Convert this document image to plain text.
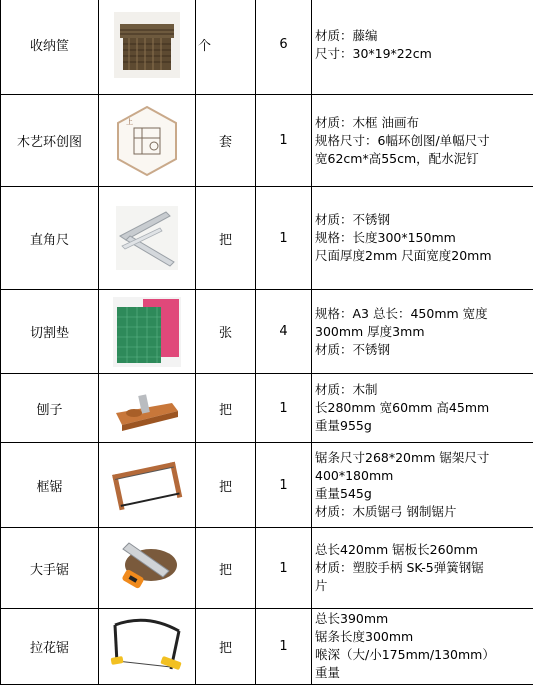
收纳筐		个	6	材质：藤编
尺寸：30*19*22cm

木艺环创图	上	套	1	材质：木框 油画布
规格尺寸：6幅环创图/单幅尺寸
宽62cm*高55cm，配水泥钉

直角尺		把	1	材质：不锈钢
规格：长度300*150mm
尺面厚度2mm 尺面宽度20mm

切割垫		张	4	规格：A3 总长：450mm 宽度
300mm 厚度3mm
材质：不锈钢

刨子		把	1	材质：木制
长280mm 宽60mm 高45mm
重量955g

框锯		把	1	锯条尺寸268*20mm 锯架尺寸
400*180mm
重量545g
材质：木质锯弓 钢制锯片

大手锯		把	1	总长420mm 锯板长260mm
材质：塑胶手柄 SK-5弹簧钢锯
片

拉花锯		把	1	总长390mm
锯条长度300mm
喉深（大/小175mm/130mm）
重量
